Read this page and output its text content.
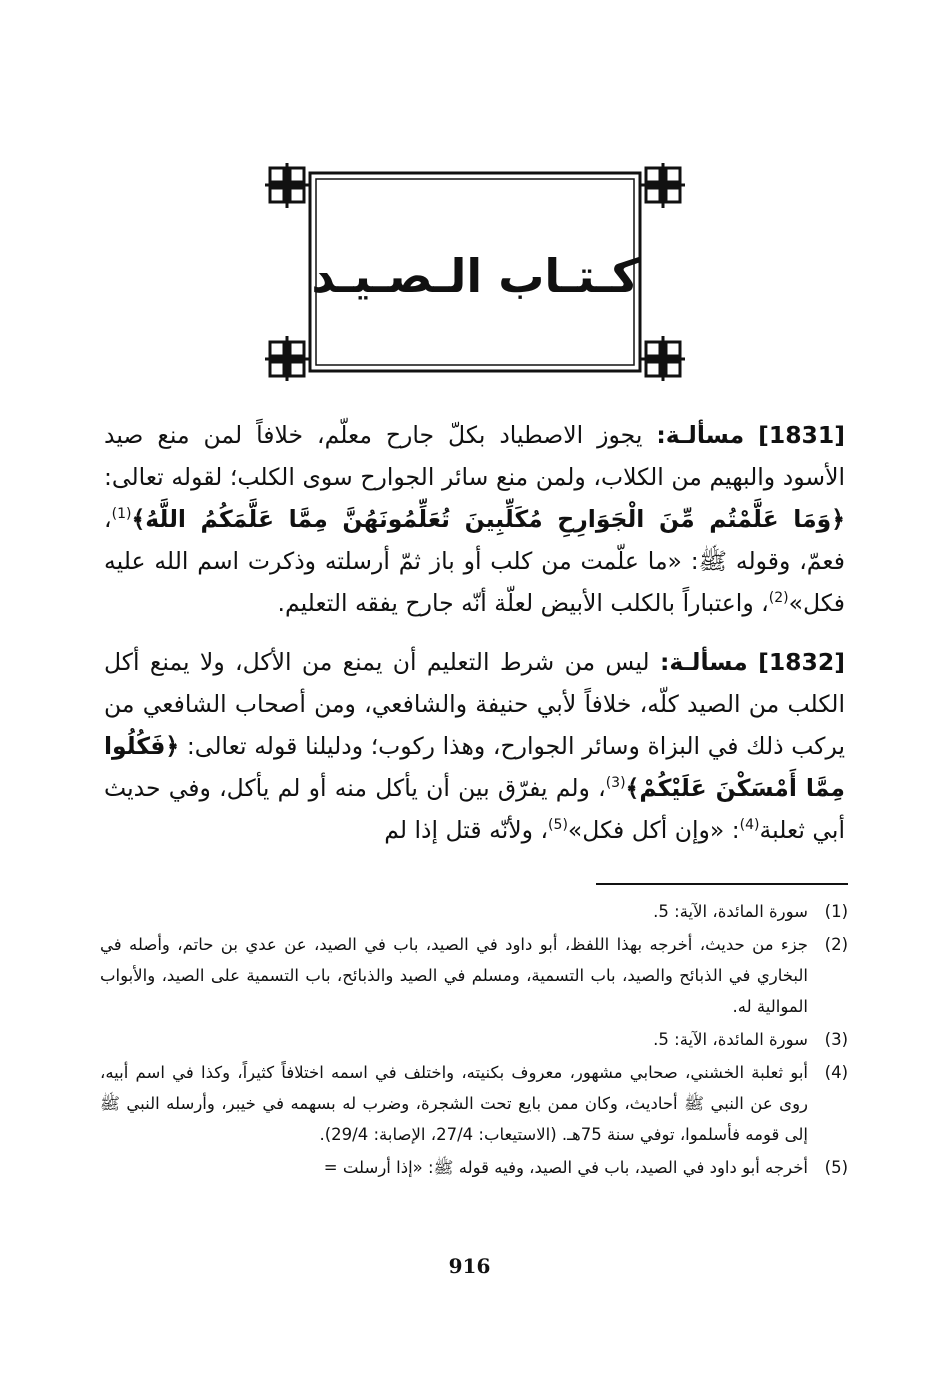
كـتـاب الـصـيـد
[1831] مسألـة: يجوز الاصطياد بكلّ جارح معلّم، خلافاً لمن منع صيد الأسود والبهيم من الكلاب، ولمن منع سائر الجوارح سوى الكلب؛ لقوله تعالى: ﴿وَمَا عَلَّمْتُم مِّنَ الْجَوَارِحِ مُكَلِّبِينَ تُعَلِّمُونَهُنَّ مِمَّا عَلَّمَكُمُ اللَّهُ﴾$^{(1)}$، فعمّ، وقوله ﷺ: «ما علّمت من كلب أو باز ثمّ أرسلته وذكرت اسم الله عليه فكل»$^{(2)}$، واعتباراً بالكلب الأبيض لعلّة أنّه جارح يفقه التعليم.
[1832] مسألـة: ليس من شرط التعليم أن يمنع من الأكل، ولا يمنع أكل الكلب من الصيد كلّه، خلافاً لأبي حنيفة والشافعي، ومن أصحاب الشافعي من يركب ذلك في البزاة وسائر الجوارح، وهذا ركوب؛ ودليلنا قوله تعالى: ﴿فَكُلُوا مِمَّا أَمْسَكْنَ عَلَيْكُمْ﴾$^{(3)}$، ولم يفرّق بين أن يأكل منه أو لم يأكل، وفي حديث أبي ثعلبة$^{(4)}$: «وإن أكل فكل»$^{(5)}$، ولأنّه قتل إذا لم
(1)
سورة المائدة، الآية: 5.
(2)
جزء من حديث، أخرجه بهذا اللفظ، أبو داود في الصيد، باب في الصيد، عن عدي بن حاتم، وأصله في البخاري في الذبائح والصيد، باب التسمية، ومسلم في الصيد والذبائح، باب التسمية على الصيد، والأبواب الموالية له.
(3)
سورة المائدة، الآية: 5.
(4)
أبو ثعلبة الخشني، صحابي مشهور، معروف بكنيته، واختلف في اسمه اختلافاً كثيراً، وكذا في اسم أبيه، روى عن النبي ﷺ أحاديث، وكان ممن بايع تحت الشجرة، وضرب له بسهمه في خيبر، وأرسله النبي ﷺ إلى قومه فأسلموا، توفي سنة 75هـ. (الاستيعاب: 27/4، الإصابة: 29/4).
(5)
أخرجه أبو داود في الصيد، باب في الصيد، وفيه قوله ﷺ: «إذا أرسلت =
916
